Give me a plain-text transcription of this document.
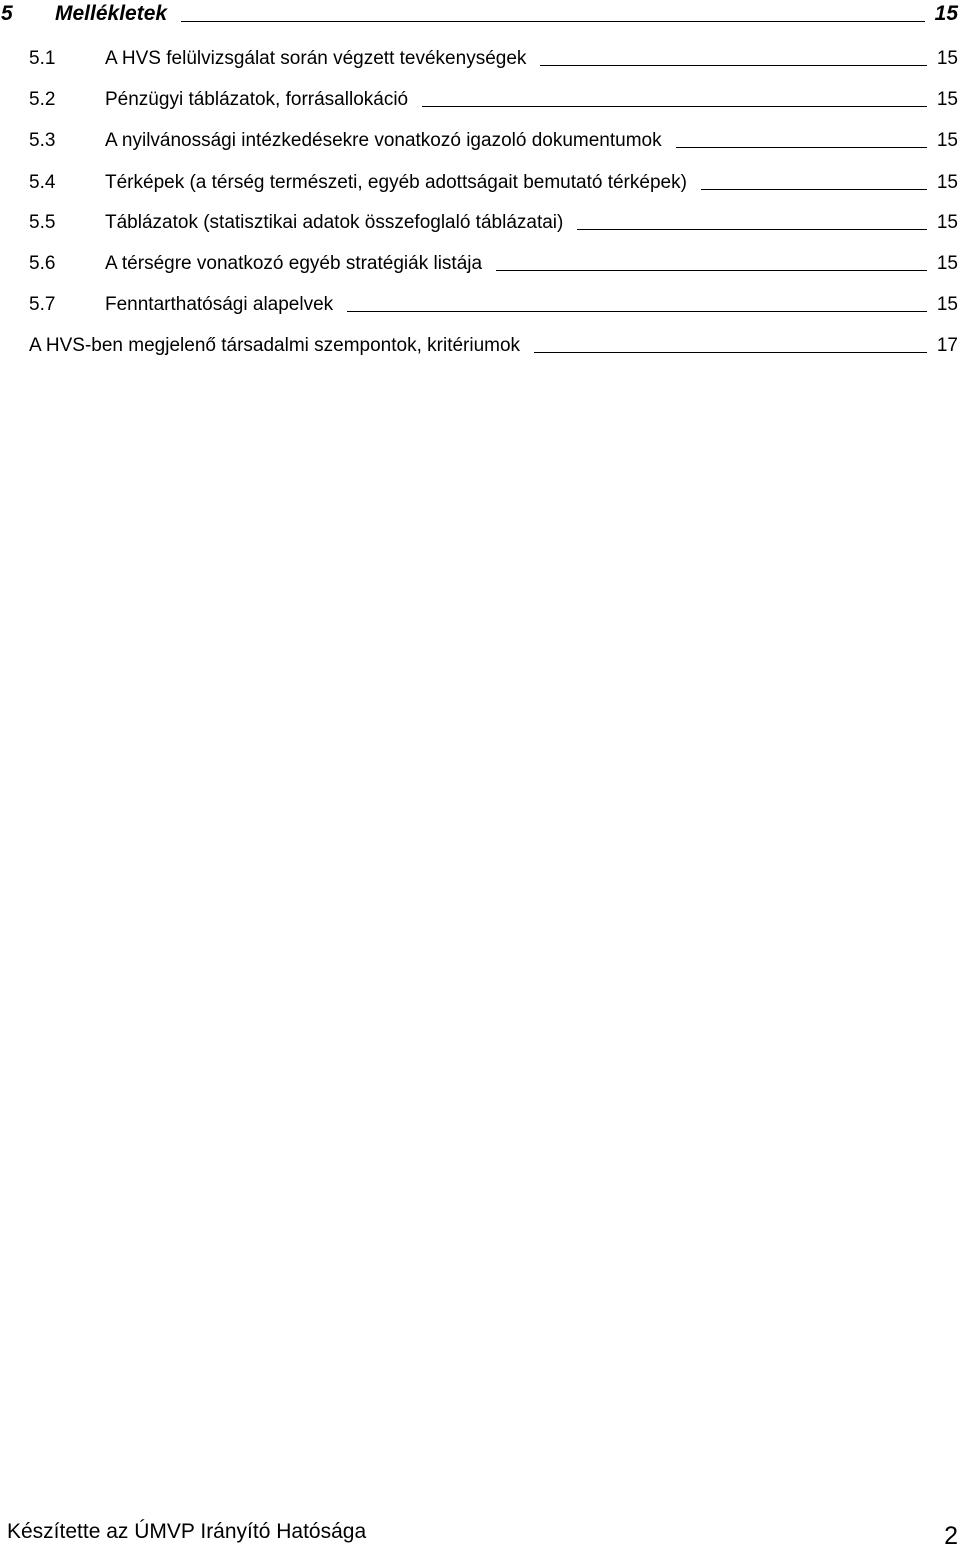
5	Mellékletek	15
5.1	A HVS felülvizsgálat során végzett tevékenységek	15
5.2	Pénzügyi táblázatok, forrásallokáció	15
5.3	A nyilvánossági intézkedésekre vonatkozó igazoló dokumentumok	15
5.4	Térképek (a térség természeti, egyéb adottságait bemutató térképek)	15
5.5	Táblázatok (statisztikai adatok összefoglaló táblázatai)	15
5.6	A térségre vonatkozó egyéb stratégiák listája	15
5.7	Fenntarthatósági alapelvek	15
A HVS-ben megjelenő társadalmi szempontok, kritériumok	17
Készítette az ÚMVP Irányító Hatósága	2
